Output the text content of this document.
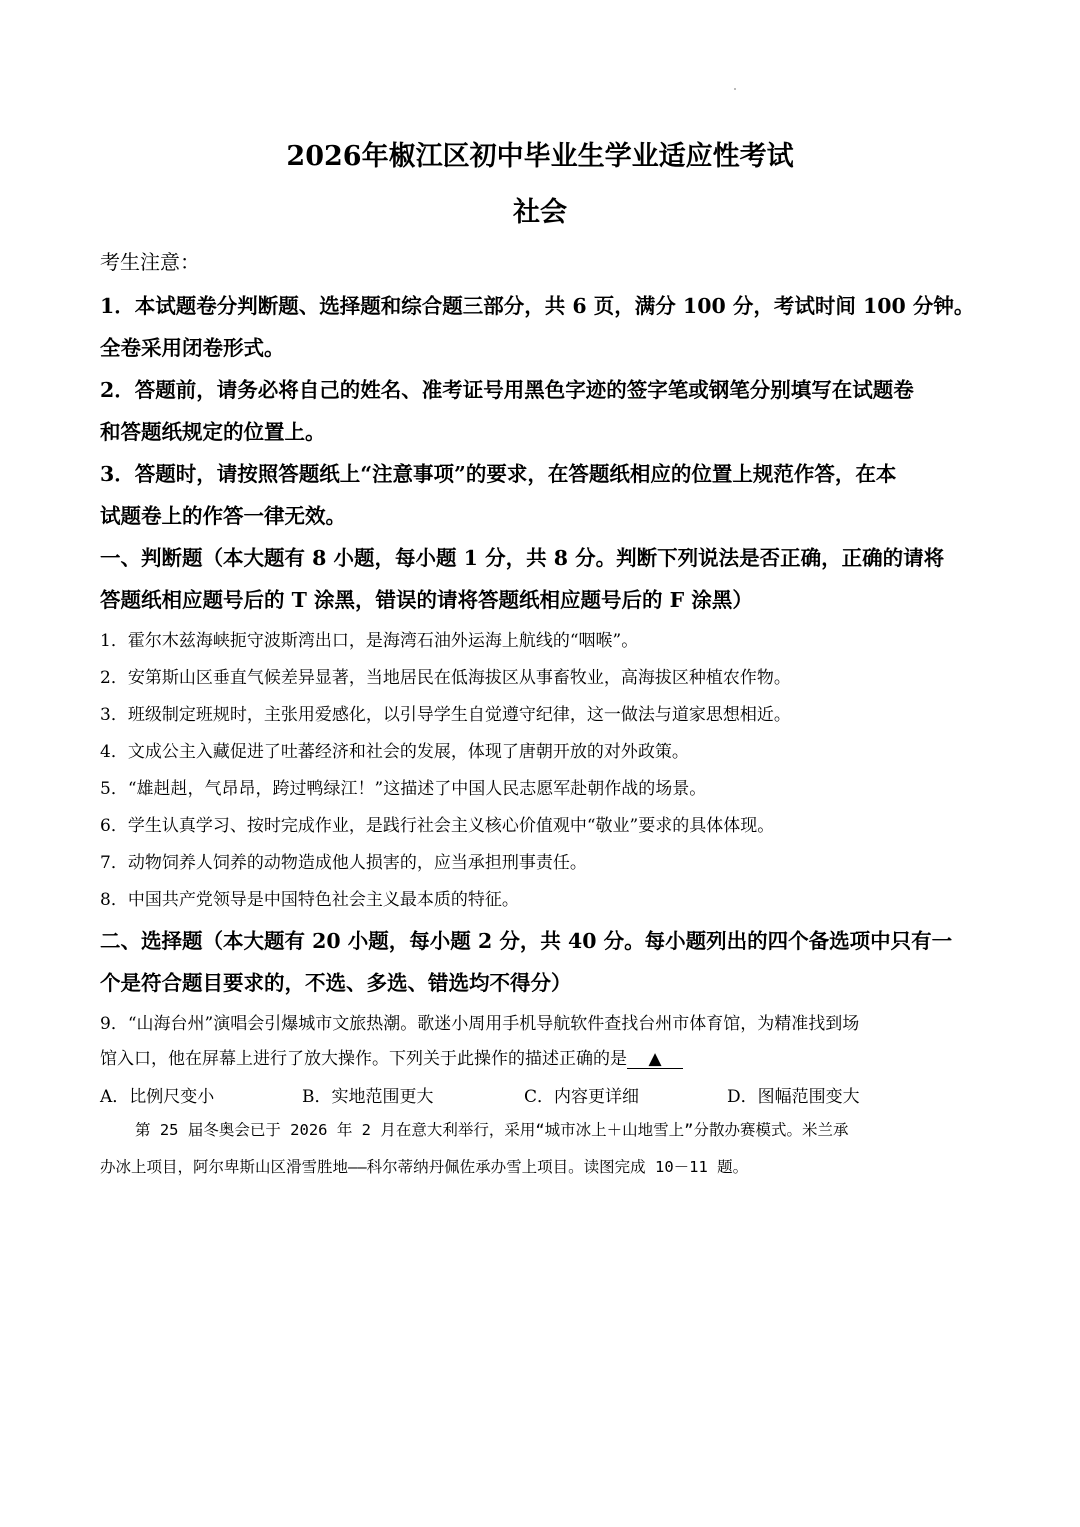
2026年椒江区初中毕业生学业适应性考试
社会
考生注意：
1．本试题卷分判断题、选择题和综合题三部分，共 6 页，满分 100 分，考试时间 100 分钟。
全卷采用闭卷形式。
2．答题前，请务必将自己的姓名、准考证号用黑色字迹的签字笔或钢笔分别填写在试题卷
和答题纸规定的位置上。
3．答题时，请按照答题纸上“注意事项”的要求，在答题纸相应的位置上规范作答，在本
试题卷上的作答一律无效。
一、判断题（本大题有 8 小题，每小题 1 分，共 8 分。判断下列说法是否正确，正确的请将
答题纸相应题号后的 T 涂黑，错误的请将答题纸相应题号后的 F 涂黑）
1．霍尔木兹海峡扼守波斯湾出口，是海湾石油外运海上航线的“咽喉”。
2．安第斯山区垂直气候差异显著，当地居民在低海拔区从事畜牧业，高海拔区种植农作物。
3．班级制定班规时，主张用爱感化，以引导学生自觉遵守纪律，这一做法与道家思想相近。
4．文成公主入藏促进了吐蕃经济和社会的发展，体现了唐朝开放的对外政策。
5．“雄赳赳，气昂昂，跨过鸭绿江！”这描述了中国人民志愿军赴朝作战的场景。
6．学生认真学习、按时完成作业，是践行社会主义核心价值观中“敬业”要求的具体体现。
7．动物饲养人饲养的动物造成他人损害的，应当承担刑事责任。
8．中国共产党领导是中国特色社会主义最本质的特征。
二、选择题（本大题有 20 小题，每小题 2 分，共 40 分。每小题列出的四个备选项中只有一
个是符合题目要求的，不选、多选、错选均不得分）
9．“山海台州”演唱会引爆城市文旅热潮。歌迷小周用手机导航软件查找台州市体育馆，为精准找到场
馆入口，他在屏幕上进行了放大操作。下列关于此操作的描述正确的是 ▲
A．比例尺变小	B．实地范围更大	C．内容更详细	D．图幅范围变大
第 25 届冬奥会已于 2026 年 2 月在意大利举行，采用“城市冰上＋山地雪上”分散办赛模式。米兰承
办冰上项目，阿尔卑斯山区滑雪胜地——科尔蒂纳丹佩佐承办雪上项目。读图完成 10－11 题。
